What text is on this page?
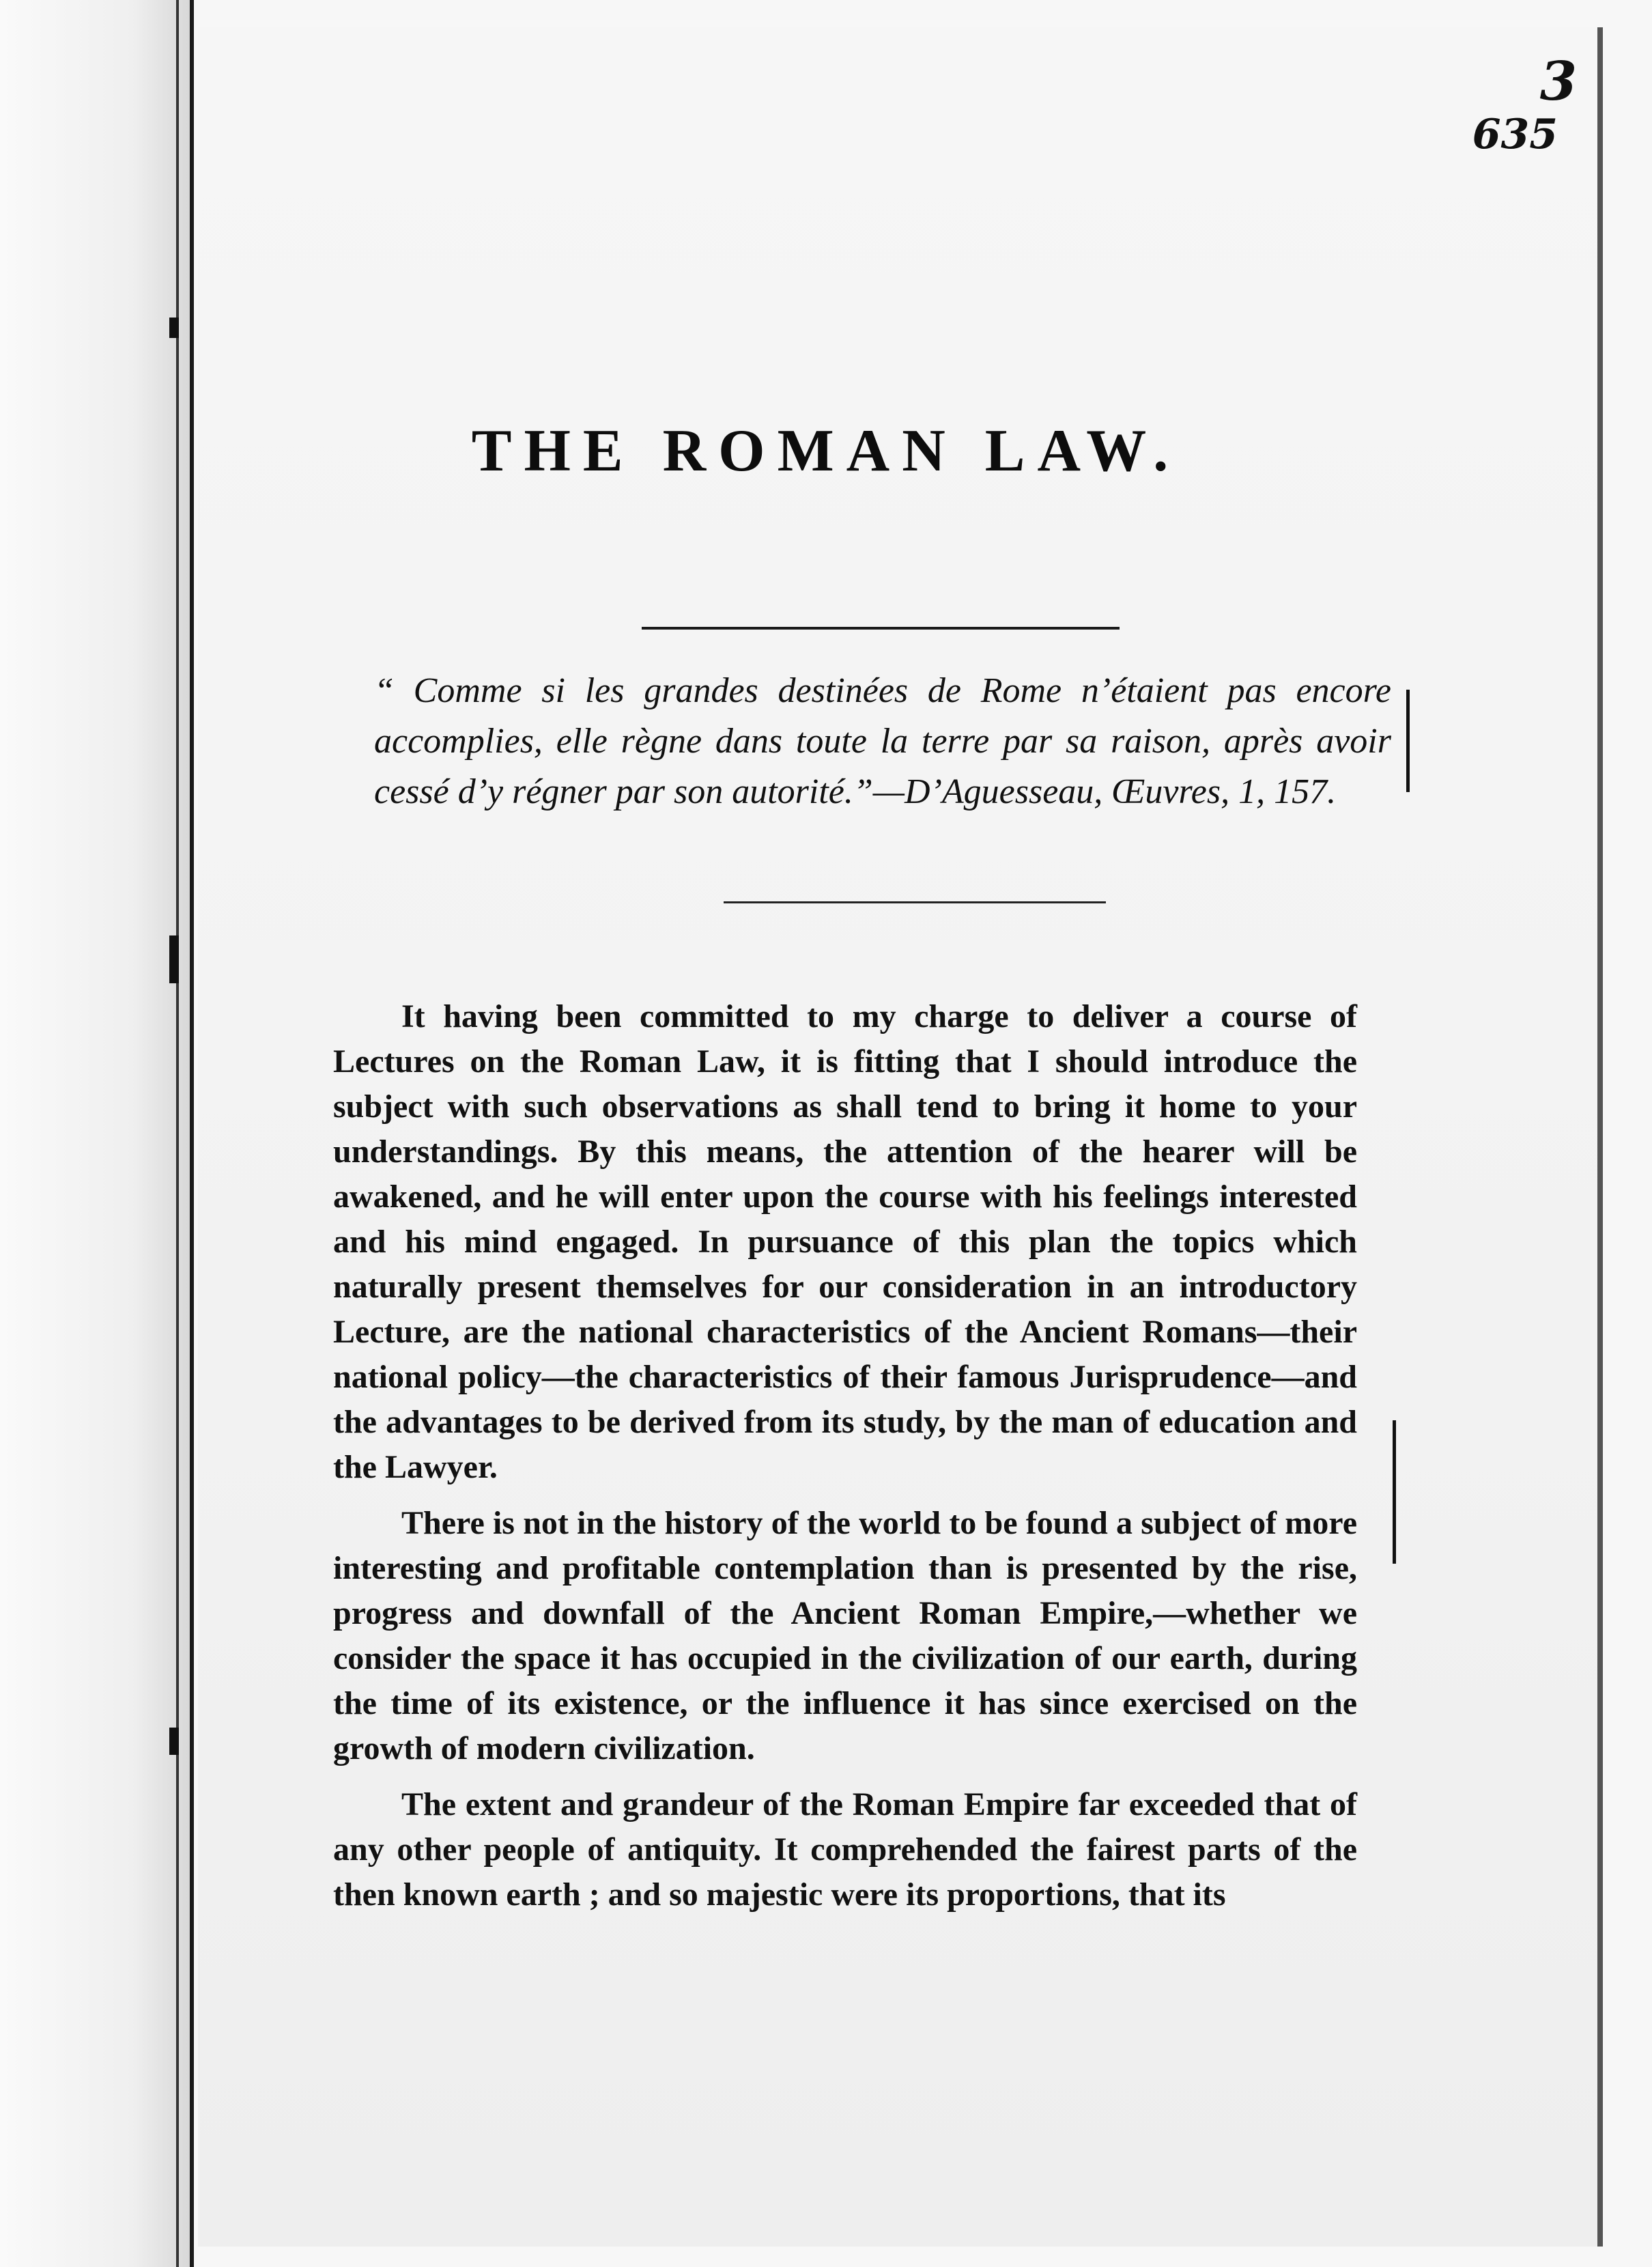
3
635
THE ROMAN LAW.
“ Comme si les grandes destinées de Rome n’étaient pas encore accomplies, elle règne dans toute la terre par sa raison, après avoir cessé d’y régner par son autorité.”—D’Aguesseau, Œuvres, 1, 157.

It having been committed to my charge to deliver a course of Lectures on the Roman Law, it is fitting that I should introduce the subject with such observations as shall tend to bring it home to your understandings. By this means, the attention of the hearer will be awakened, and he will enter upon the course with his feelings interested and his mind engaged. In pursuance of this plan the topics which naturally present themselves for our consideration in an introductory Lecture, are the national characteristics of the Ancient Romans—their national policy—the characteristics of their famous Jurisprudence—and the advantages to be derived from its study, by the man of education and the Lawyer.

There is not in the history of the world to be found a subject of more interesting and profitable contemplation than is presented by the rise, progress and downfall of the Ancient Roman Empire,—whether we consider the space it has occupied in the civilization of our earth, during the time of its existence, or the influence it has since exercised on the growth of modern civilization.

The extent and grandeur of the Roman Empire far exceeded that of any other people of antiquity. It comprehended the fairest parts of the then known earth ; and so majestic were its proportions, that its
